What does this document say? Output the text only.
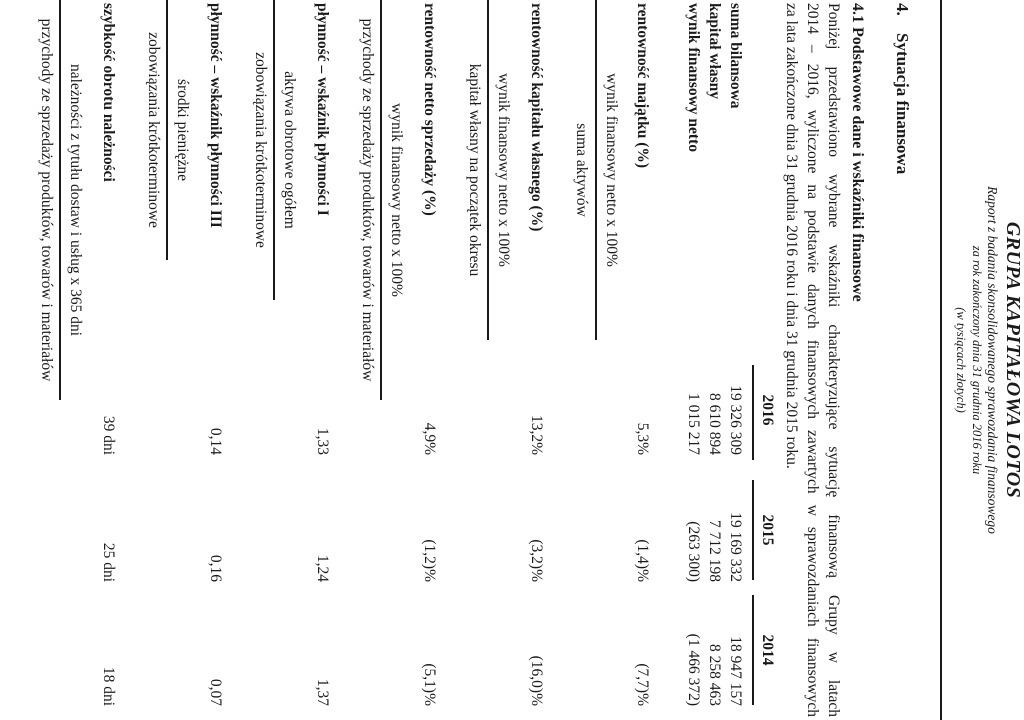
GRUPA KAPITAŁOWA LOTOS
Raport z badania skonsolidowanego sprawozdania finansowego
za rok zakończony dnia 31 grudnia 2016 roku
(w tysiącach złotych)
4.Sytuacja finansowa
4.1 Podstawowe dane i wskaźniki finansowe
Poniżej przedstawiono wybrane wskaźniki charakteryzujące sytuację finansową Grupy w latach
2014 – 2016, wyliczone na podstawie danych finansowych zawartych w sprawozdaniach finansowych
za lata zakończone dnia 31 grudnia 2016 roku i dnia 31 grudnia 2015 roku.
2016
2015
2014
suma bilansowa
19 326 309
19 169 332
18 947 157
kapitał własny
8 610 894
7 712 198
8 258 463
wynik finansowy netto
1 015 217
(263 300)
(1 466 372)
rentowność majątku (%)
5,3%
(1,4)%
(7,7)%
wynik finansowy netto x 100%
suma aktywów
rentowność kapitału własnego (%)
13,2%
(3,2)%
(16,0)%
wynik finansowy netto x 100%
kapitał własny na początek okresu
rentowność netto sprzedaży (%)
4,9%
(1,2)%
(5,1)%
wynik finansowy netto x 100%
przychody ze sprzedaży produktów, towarów i materiałów
płynność – wskaźnik płynności I
1,33
1,24
1,37
aktywa obrotowe ogółem
zobowiązania krótkoterminowe
płynność – wskaźnik płynności III
0,14
0,16
0,07
środki pieniężne
zobowiązania krótkoterminowe
szybkość obrotu należności
39 dni
25 dni
18 dni
należności z tytułu dostaw i usług x 365 dni
przychody ze sprzedaży produktów, towarów i materiałów
